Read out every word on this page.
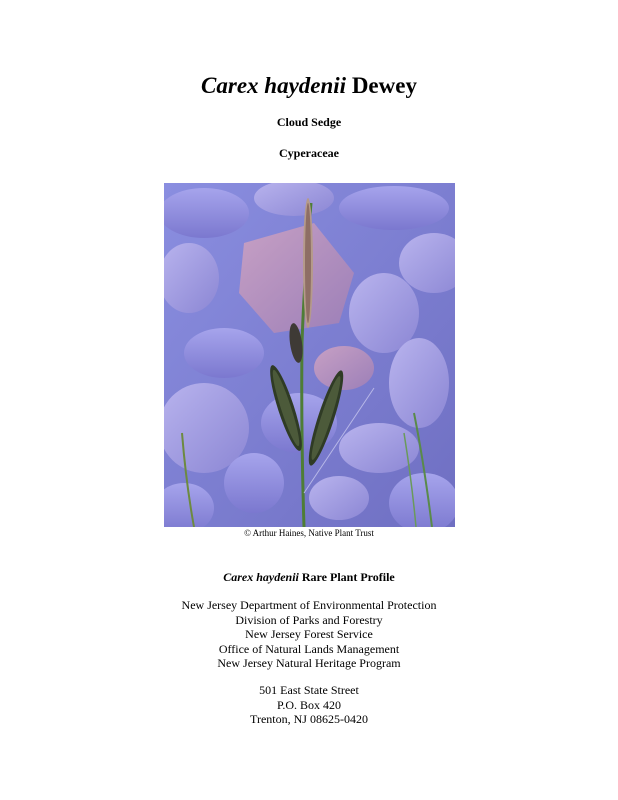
Carex haydenii Dewey
Cloud Sedge
Cyperaceae
© Arthur Haines, Native Plant Trust
Carex haydenii Rare Plant Profile
New Jersey Department of Environmental Protection
Division of Parks and Forestry
New Jersey Forest Service
Office of Natural Lands Management
New Jersey Natural Heritage Program
501 East State Street
P.O. Box 420
Trenton, NJ 08625-0420
